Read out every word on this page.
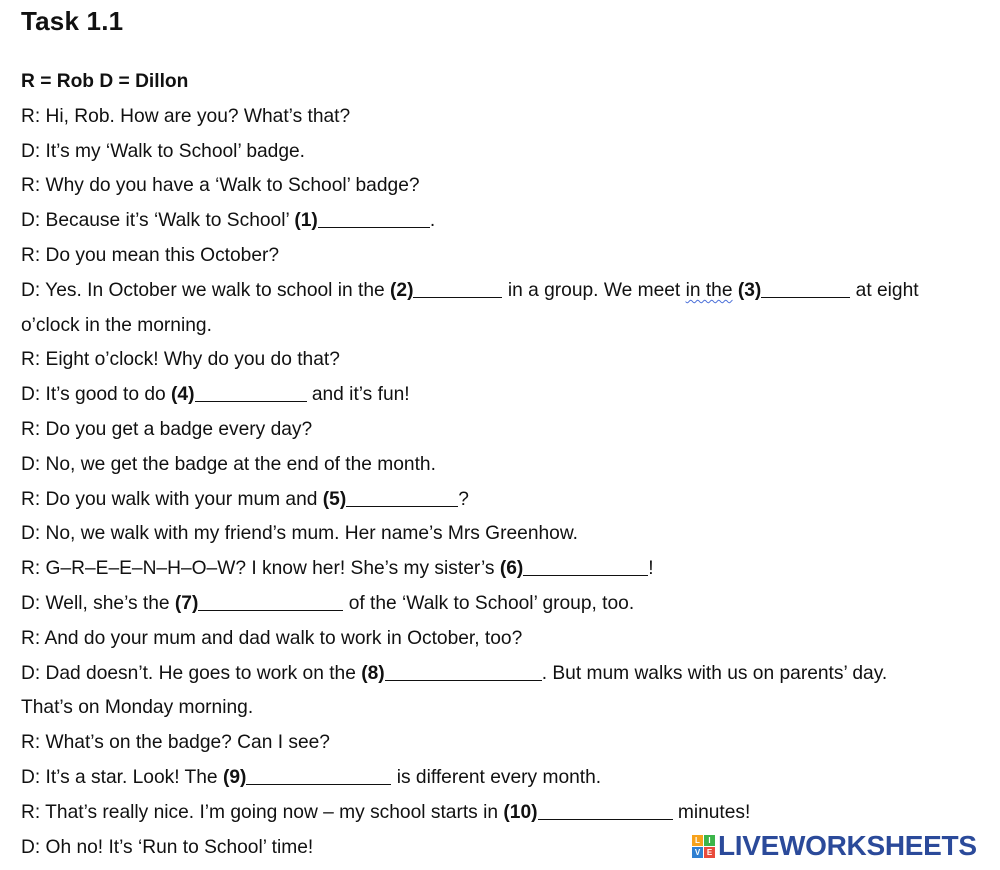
Task 1.1
R = Rob D = Dillon
R: Hi, Rob. How are you? What’s that?
D: It’s my ‘Walk to School’ badge.
R: Why do you have a ‘Walk to School’ badge?
D: Because it’s ‘Walk to School’ (1)	.
R: Do you mean this October?
D: Yes. In October we walk to school in the (2)	in a group. We meet in the (3)	at eight
o’clock in the morning.
R: Eight o’clock! Why do you do that?
D: It’s good to do (4)	and it’s fun!
R: Do you get a badge every day?
D: No, we get the badge at the end of the month.
R: Do you walk with your mum and (5)	?
D: No, we walk with my friend’s mum. Her name’s Mrs Greenhow.
R: G–R–E–E–N–H–O–W? I know her! She’s my sister’s (6)	!
D: Well, she’s the (7)	of the ‘Walk to School’ group, too.
R: And do your mum and dad walk to work in October, too?
D: Dad doesn’t. He goes to work on the (8)	. But mum walks with us on parents’ day.
That’s on Monday morning.
R: What’s on the badge? Can I see?
D: It’s a star. Look! The (9)	is different every month.
R: That’s really nice. I’m going now – my school starts in (10)	minutes!
D: Oh no! It’s ‘Run to School’ time!	L	I
V E LIVEWORKSHEETS
